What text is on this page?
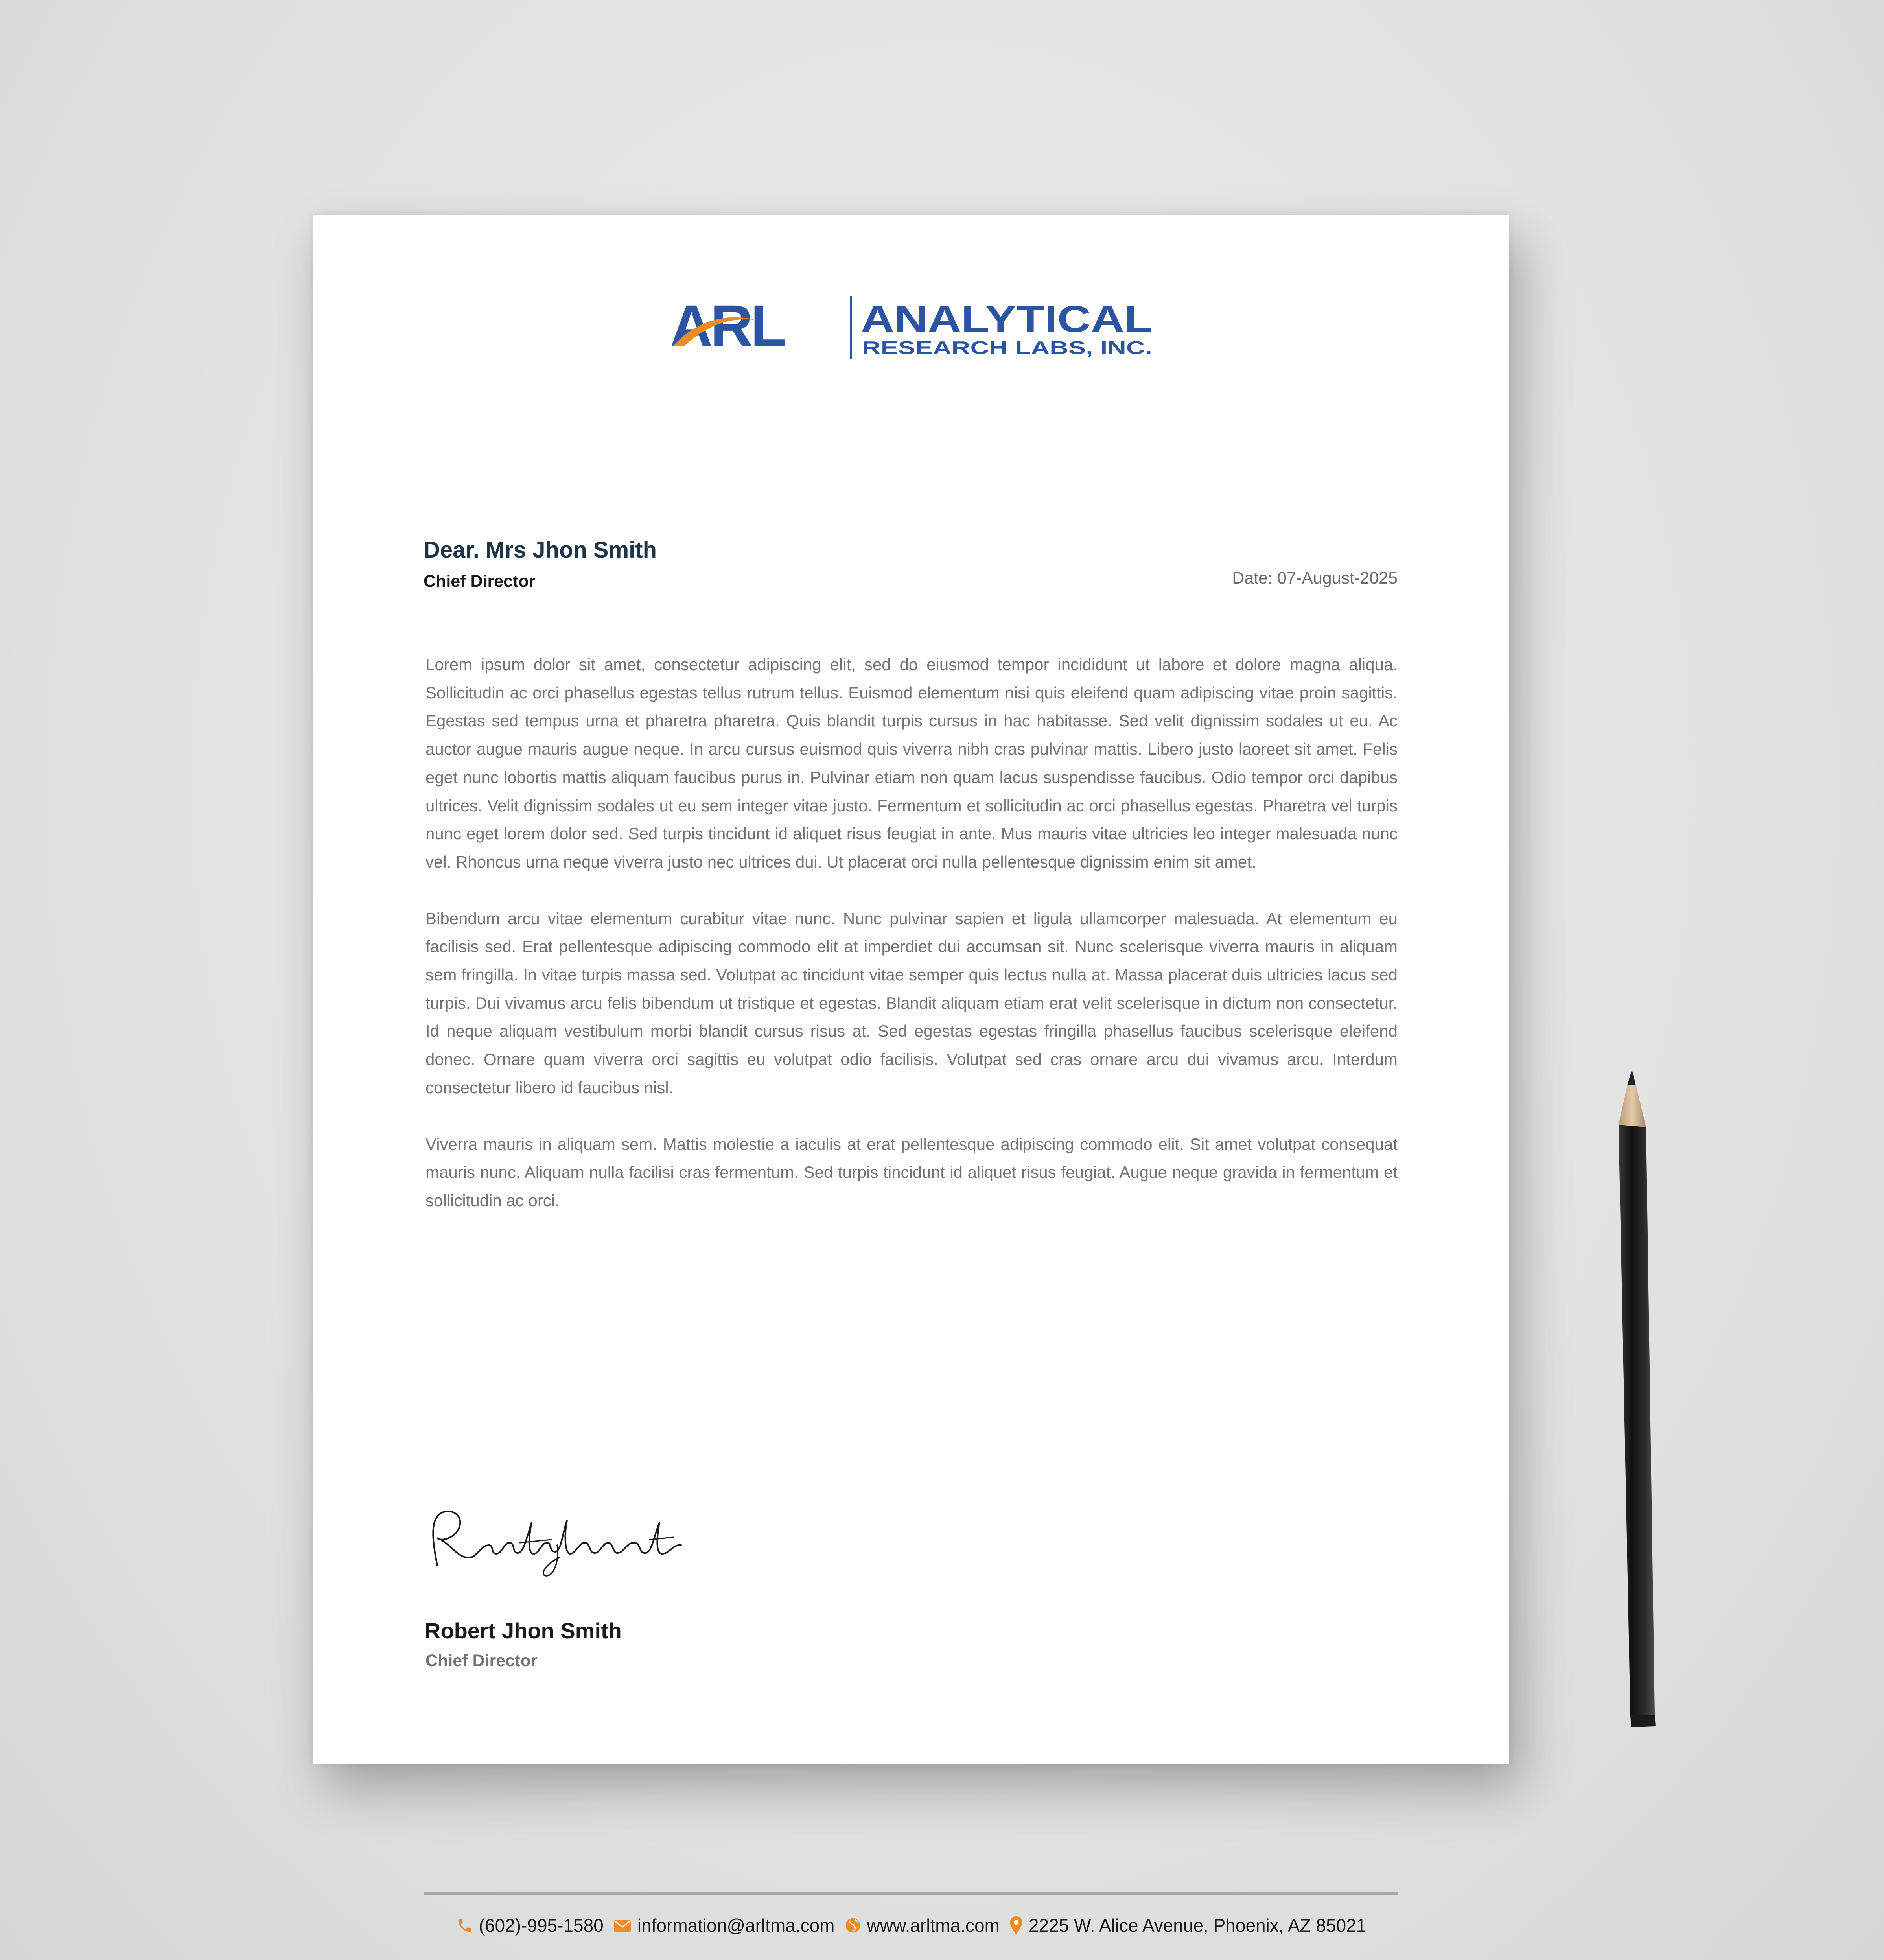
ARL ANALYTICAL
RESEARCH LABS, INC.
Dear. Mrs Jhon Smith
Chief Director	Date: 07-August-2025

Lorem ipsum dolor sit amet, consectetur adipiscing elit, sed do eiusmod tempor incididunt ut labore et dolore magna aliqua. Sollicitudin ac orci phasellus egestas tellus rutrum tellus. Euismod elementum nisi quis eleifend quam adipiscing vitae proin sagittis. Egestas sed tempus urna et pharetra pharetra. Quis blandit turpis cursus in hac habitasse. Sed velit dignissim sodales ut eu. Ac auctor augue mauris augue neque. In arcu cursus euismod quis viverra nibh cras pulvinar mattis. Libero justo laoreet sit amet. Felis eget nunc lobortis mattis aliquam faucibus purus in. Pulvinar etiam non quam lacus suspendisse faucibus. Odio tempor orci dapibus ultrices. Velit dignissim sodales ut eu sem integer vitae justo. Fermentum et sollicitudin ac orci phasellus egestas. Pharetra vel turpis nunc eget lorem dolor sed. Sed turpis tincidunt id aliquet risus feugiat in ante. Mus mauris vitae ultricies leo integer malesuada nunc vel. Rhoncus urna neque viverra justo nec ultrices dui. Ut placerat orci nulla pellentesque dignissim enim sit amet.

Bibendum arcu vitae elementum curabitur vitae nunc. Nunc pulvinar sapien et ligula ullamcorper malesuada. At elementum eu facilisis sed. Erat pellentesque adipiscing commodo elit at imperdiet dui accumsan sit. Nunc scelerisque viverra mauris in aliquam sem fringilla. In vitae turpis massa sed. Volutpat ac tincidunt vitae semper quis lectus nulla at. Massa placerat duis ultricies lacus sed turpis. Dui vivamus arcu felis bibendum ut tristique et egestas. Blandit aliquam etiam erat velit scelerisque in dictum non consectetur. Id neque aliquam vestibulum morbi blandit cursus risus at. Sed egestas egestas fringilla phasellus faucibus scelerisque eleifend donec. Ornare quam viverra orci sagittis eu volutpat odio facilisis. Volutpat sed cras ornare arcu dui vivamus arcu. Interdum consectetur libero id faucibus nisl.

Viverra mauris in aliquam sem. Mattis molestie a iaculis at erat pellentesque adipiscing commodo elit. Sit amet volutpat consequat mauris nunc. Aliquam nulla facilisi cras fermentum. Sed turpis tincidunt id aliquet risus feugiat. Augue neque gravida in fermentum et sollicitudin ac orci.

Robert Jhon Smith
Chief Director
(602)-995-1580 information@arltma.com www.arltma.com 2225 W. Alice Avenue, Phoenix, AZ 85021
